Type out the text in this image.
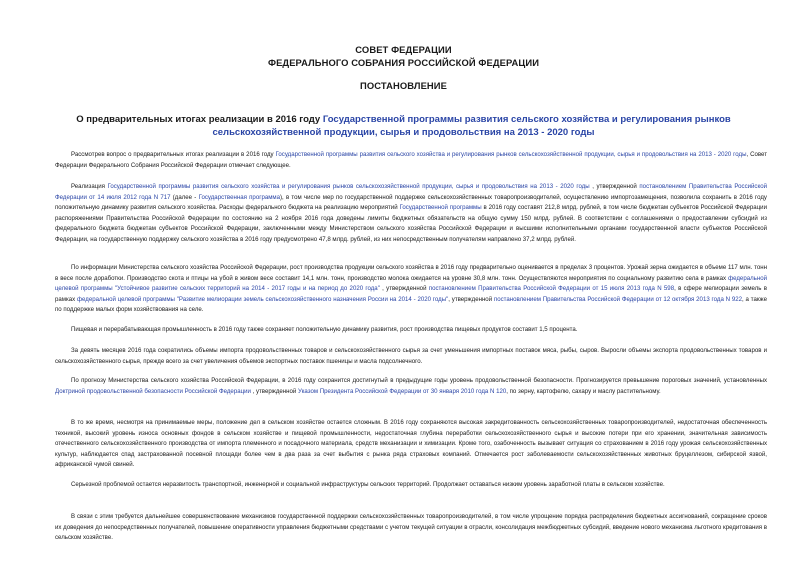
СОВЕТ ФЕДЕРАЦИИ
ФЕДЕРАЛЬНОГО СОБРАНИЯ РОССИЙСКОЙ ФЕДЕРАЦИИ
ПОСТАНОВЛЕНИЕ
О предварительных итогах реализации в 2016 году Государственной программы развития сельского хозяйства и регулирования рынков сельскохозяйственной продукции, сырья и продовольствия на 2013 - 2020 годы

Рассмотрев вопрос о предварительных итогах реализации в 2016 году Государственной программы развития сельского хозяйства и регулирования рынков сельскохозяйственной продукции, сырья и продовольствия на 2013 - 2020 годы, Совет Федерации Федерального Собрания Российской Федерации отмечает следующее.

Реализация Государственной программы развития сельского хозяйства и регулирования рынков сельскохозяйственной продукции, сырья и продовольствия на 2013 - 2020 годы , утвержденной постановлением Правительства Российской Федерации от 14 июля 2012 года N 717 (далее - Государственная программа), в том числе мер по государственной поддержке сельскохозяйственных товаропроизводителей, осуществлению импортозамещения, позволила сохранить в 2016 году положительную динамику развития сельского хозяйства. Расходы федерального бюджета на реализацию мероприятий Государственной программы в 2016 году составят 212,8 млрд. рублей, в том числе бюджетам субъектов Российской Федерации распоряжениями Правительства Российской Федерации по состоянию на 2 ноября 2016 года доведены лимиты бюджетных обязательств на общую сумму 150 млрд. рублей. В соответствии с соглашениями о предоставлении субсидий из федерального бюджета бюджетам субъектов Российской Федерации, заключенными между Министерством сельского хозяйства Российской Федерации и высшими исполнительными органами государственной власти субъектов Российской Федерации, на государственную поддержку сельского хозяйства в 2016 году предусмотрено 47,8 млрд. рублей, из них непосредственным получателям направлено 37,2 млрд. рублей.

По информации Министерства сельского хозяйства Российской Федерации, рост производства продукции сельского хозяйства в 2016 году предварительно оценивается в пределах 3 процентов. Урожай зерна ожидается в объеме 117 млн. тонн в весе после доработки. Производство скота и птицы на убой в живом весе составит 14,1 млн. тонн, производство молока ожидается на уровне 30,8 млн. тонн. Осуществляются мероприятия по социальному развитию села в рамках федеральной целевой программы "Устойчивое развитие сельских территорий на 2014 - 2017 годы и на период до 2020 года" , утвержденной постановлением Правительства Российской Федерации от 15 июля 2013 года N 598, в сфере мелиорации земель в рамках федеральной целевой программы "Развитие мелиорации земель сельскохозяйственного назначения России на 2014 - 2020 годы", утвержденной постановлением Правительства Российской Федерации от 12 октября 2013 года N 922, а также по поддержке малых форм хозяйствования на селе.

Пищевая и перерабатывающая промышленность в 2016 году также сохраняет положительную динамику развития, рост производства пищевых продуктов составит 1,5 процента.

За девять месяцев 2016 года сократились объемы импорта продовольственных товаров и сельскохозяйственного сырья за счет уменьшения импортных поставок мяса, рыбы, сыров. Выросли объемы экспорта продовольственных товаров и сельскохозяйственного сырья, прежде всего за счет увеличения объемов экспортных поставок пшеницы и масла подсолнечного.

По прогнозу Министерства сельского хозяйства Российской Федерации, в 2016 году сохранится достигнутый в предыдущие годы уровень продовольственной безопасности. Прогнозируется превышение пороговых значений, установленных Доктриной продовольственной безопасности Российской Федерации , утвержденной Указом Президента Российской Федерации от 30 января 2010 года N 120, по зерну, картофелю, сахару и маслу растительному.

В то же время, несмотря на принимаемые меры, положение дел в сельском хозяйстве остается сложным. В 2016 году сохраняются высокая закредитованность сельскохозяйственных товаропроизводителей, недостаточная обеспеченность техникой, высокий уровень износа основных фондов в сельском хозяйстве и пищевой промышленности, недостаточная глубина переработки сельскохозяйственного сырья и высокие потери при его хранении, значительная зависимость отечественного сельскохозяйственного производства от импорта племенного и посадочного материала, средств механизации и химизации. Кроме того, озабоченность вызывает ситуация со страхованием в 2016 году урожая сельскохозяйственных культур, наблюдается спад застрахованной посевной площади более чем в два раза за счет выбытия с рынка ряда страховых компаний. Отмечается рост заболеваемости сельскохозяйственных животных бруцеллезом, сибирской язвой, африканской чумой свиней.

Серьезной проблемой остается неразвитость транспортной, инженерной и социальной инфраструктуры сельских территорий. Продолжает оставаться низким уровень заработной платы в сельском хозяйстве.

В связи с этим требуется дальнейшее совершенствование механизмов государственной поддержки сельскохозяйственных товаропроизводителей, в том числе упрощение порядка распределения бюджетных ассигнований, сокращение сроков их доведения до непосредственных получателей, повышение оперативности управления бюджетными средствами с учетом текущей ситуации в отрасли, консолидация межбюджетных субсидий, введение нового механизма льготного кредитования в сельском хозяйстве.
